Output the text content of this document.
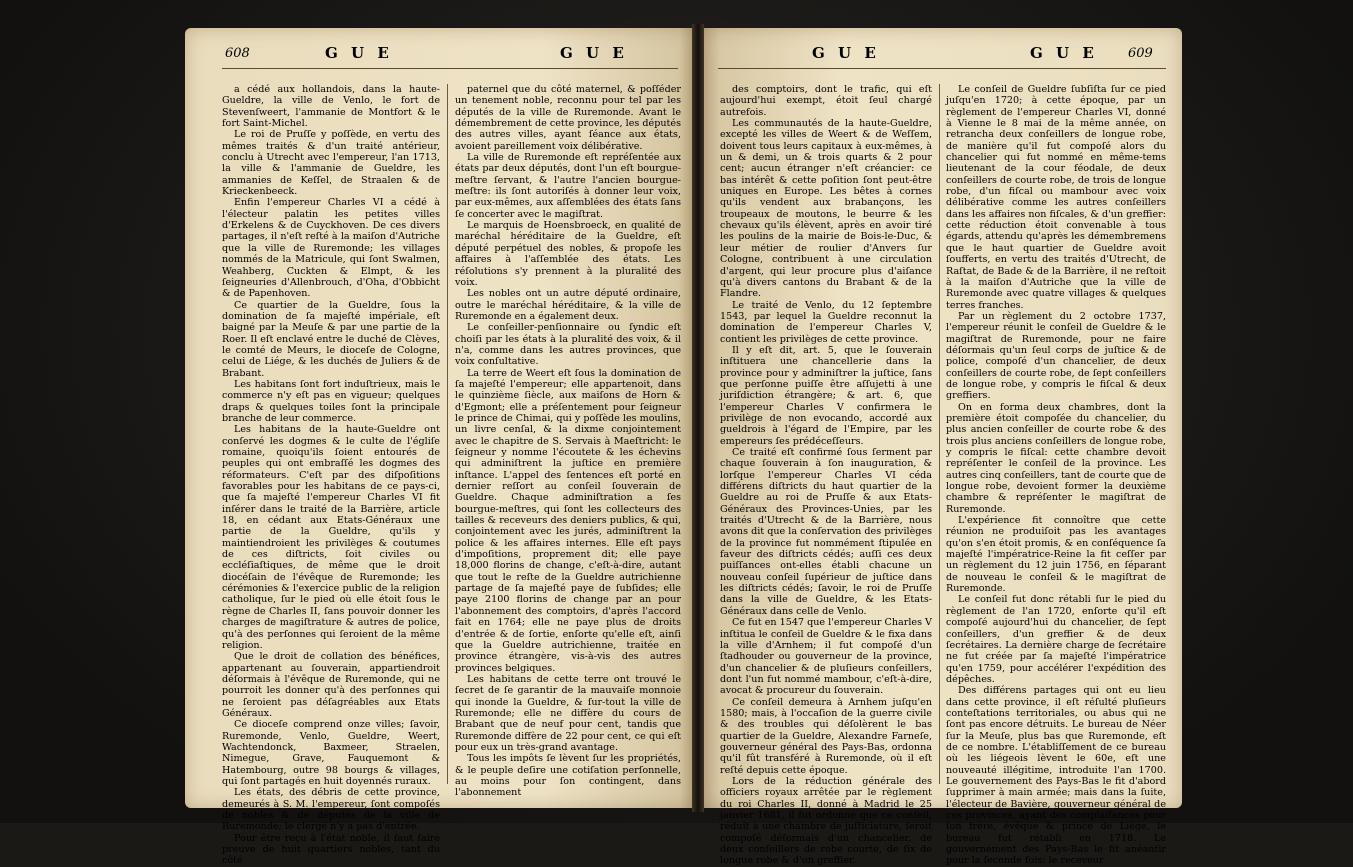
608	G U E	G U E	G U E	G U E 609

a cédé aux hollandois, dans la haute-Gueldre, la ville de Venlo, le fort de Stevenſweert, l'ammanie de Montfort & le fort Saint-Michel.

Le roi de Pruſſe y poſſède, en vertu des mêmes traités & d'un traité antérieur, conclu à Utrecht avec l'empereur, l'an 1713, la ville & l'ammanie de Gueldre, les ammanies de Keſſel, de Straalen & de Krieckenbeeck.

Enfin l'empereur Charles VI a cédé à l'électeur palatin les petites villes d'Erkelens & de Cuyckhoven. De ces divers partages, il n'eſt reſté à la maiſon d'Autriche que la ville de Ruremonde; les villages nommés de la Matricule, qui ſont Swalmen, Weahberg, Cuckten & Elmpt, & les ſeigneuries d'Allenbrouch, d'Oha, d'Obbicht & de Papenhoven.

Ce quartier de la Gueldre, ſous la domination de ſa majeſté impériale, eſt baigné par la Meuſe & par une partie de la Roer. Il eſt enclavé entre le duché de Clèves, le comté de Meurs, le dioceſe de Cologne, celui de Liége, & les duchés de Juliers & de Brabant.

Les habitans ſont fort induſtrieux, mais le commerce n'y eſt pas en vigueur; quelques draps & quelques toiles ſont la principale branche de leur commerce.

Les habitans de la haute-Gueldre ont conſervé les dogmes & le culte de l'égliſe romaine, quoiqu'ils ſoient entourés de peuples qui ont embraſſé les dogmes des réformateurs. C'eſt par des diſpoſitions favorables pour les habitans de ce pays-ci, que ſa majeſté l'empereur Charles VI fit inſérer dans le traité de la Barrière, article 18, en cédant aux Etats-Généraux une partie de la Gueldre, qu'ils y maintiendroient les privilèges & coutumes de ces diſtricts, ſoit civiles ou eccléſiaſtiques, de même que le droit diocéſain de l'évêque de Ruremonde; les cérémonies & l'exercice public de la religion catholique, ſur le pied où elle étoit ſous le règne de Charles II, ſans pouvoir donner les charges de magiſtrature & autres de police, qu'à des perſonnes qui ſeroient de la même religion.

Que le droit de collation des bénéfices, appartenant au ſouverain, appartiendroit déſormais à l'évêque de Ruremonde, qui ne pourroit les donner qu'à des perſonnes qui ne ſeroient pas déſagréables aux Etats Généraux.

Ce dioceſe comprend onze villes; ſavoir, Ruremonde, Venlo, Gueldre, Weert, Wachtendonck, Baxmeer, Straelen, Nimegue, Grave, Fauquemont & Hatembourg, outre 98 bourgs & villages, qui ſont partagés en huit doyennés ruraux.

Les états, des débris de cette province, demeurés à S. M. l'empereur, ſont compoſés de nobles & de députés de la ville de Ruremonde; le clergé n'y a pas d'entrée.

Pour être reçu à l'état noble, il faut faire preuve de huit quartiers nobles, tant du côté

paternel que du côté maternel, & poſſéder un tenement noble, reconnu pour tel par les députés de la ville de Ruremonde. Avant le démembrement de cette province, les députés des autres villes, ayant ſéance aux états, avoient pareillement voix délibérative.

La ville de Ruremonde eſt repréſentée aux états par deux députés, dont l'un eſt bourgue-meſtre ſervant, & l'autre l'ancien bourgue-meſtre: ils ſont autoriſés à donner leur voix, par eux-mêmes, aux aſſemblées des états ſans ſe concerter avec le magiſtrat.

Le marquis de Hoensbroeck, en qualité de maréchal héréditaire de la Gueldre, eſt député perpétuel des nobles, & propoſe les affaires à l'aſſemblée des états. Les réſolutions s'y prennent à la pluralité des voix.

Les nobles ont un autre député ordinaire, outre le maréchal héréditaire, & la ville de Ruremonde en a également deux.

Le conſeiller-penſionnaire ou ſyndic eſt choiſi par les états à la pluralité des voix, & il n'a, comme dans les autres provinces, que voix conſultative.

La terre de Weert eſt ſous la domination de ſa majeſté l'empereur; elle appartenoit, dans le quinzième ſiècle, aux maiſons de Horn & d'Egmont; elle a préſentement pour ſeigneur le prince de Chimai, qui y poſſède les moulins, un livre cenſal, & la dixme conjointement avec le chapitre de S. Servais à Maeſtricht: le ſeigneur y nomme l'écoutete & les échevins qui adminiſtrent la juſtice en première inſtance. L'appel des ſentences eſt porté en dernier reſſort au conſeil ſouverain de Gueldre. Chaque adminiſtration a ſes bourgue-meſtres, qui ſont les collecteurs des tailles & receveurs des deniers publics, & qui, conjointement avec les jurés, adminiſtrent la police & les affaires internes. Elle eſt pays d'impoſitions, proprement dit; elle paye 18,000 florins de change, c'eſt-à-dire, autant que tout le reſte de la Gueldre autrichienne partage de ſa majeſté paye de ſubſides; elle paye 2100 florins de change par an pour l'abonnement des comptoirs, d'après l'accord fait en 1764; elle ne paye plus de droits d'entrée & de ſortie, enſorte qu'elle eſt, ainſi que la Gueldre autrichienne, traitée en province étrangère, vis-à-vis des autres provinces belgiques.

Les habitans de cette terre ont trouvé le ſecret de ſe garantir de la mauvaiſe monnoie qui inonde la Gueldre, & ſur-tout la ville de Ruremonde; elle ne diffère du cours de Brabant que de neuf pour cent, tandis que Ruremonde diffère de 22 pour cent, ce qui eſt pour eux un très-grand avantage.

Tous les impôts ſe lèvent ſur les propriétés, & le peuple deſire une cotiſation perſonnelle, au moins pour ſon contingent, dans l'abonnement

des comptoirs, dont le trafic, qui eſt aujourd'hui exempt, étoit ſeul chargé autrefois.

Les communautés de la haute-Gueldre, excepté les villes de Weert & de Weſſem, doivent tous leurs capitaux à eux-mêmes, à un & demi, un & trois quarts & 2 pour cent; aucun étranger n'eſt créancier: ce bas intérêt & cette poſition ſont peut-être uniques en Europe. Les bêtes à cornes qu'ils vendent aux brabançons, les troupeaux de moutons, le beurre & les chevaux qu'ils élèvent, après en avoir tiré les poulins de la mairie de Bois-le-Duc, & leur métier de roulier d'Anvers ſur Cologne, contribuent à une circulation d'argent, qui leur procure plus d'aiſance qu'à divers cantons du Brabant & de la Flandre.

Le traité de Venlo, du 12 ſeptembre 1543, par lequel la Gueldre reconnut la domination de l'empereur Charles V, contient les privilèges de cette province.

Il y eſt dit, art. 5, que le ſouverain inſtituera une chancellerie dans la province pour y adminiſtrer la juſtice, ſans que perſonne puiſſe être aſſujetti à une juriſdiction étrangère; & art. 6, que l'empereur Charles V confirmera le privilège de non evocando, accordé aux gueldrois à l'égard de l'Empire, par les empereurs ſes prédéceſſeurs.

Ce traité eſt confirmé ſous ſerment par chaque ſouverain à ſon inauguration, & lorſque l'empereur Charles VI céda différens diſtricts du haut quartier de la Gueldre au roi de Pruſſe & aux Etats-Généraux des Provinces-Unies, par les traités d'Utrecht & de la Barrière, nous avons dit que la conſervation des privilèges de la province fut nommément ſtipulée en faveur des diſtricts cédés; auſſi ces deux puiſſances ont-elles établi chacune un nouveau conſeil ſupérieur de juſtice dans les diſtricts cédés; ſavoir, le roi de Pruſſe dans la ville de Gueldre, & les Etats-Généraux dans celle de Venlo.

Ce fut en 1547 que l'empereur Charles V inſtitua le conſeil de Gueldre & le fixa dans la ville d'Arnhem; il fut compoſé d'un ſtadhouder ou gouverneur de la province, d'un chancelier & de pluſieurs conſeillers, dont l'un fut nommé mambour, c'eſt-à-dire, avocat & procureur du ſouverain.

Ce conſeil demeura à Arnhem juſqu'en 1580; mais, à l'occaſion de la guerre civile & des troubles qui déſolèrent le bas quartier de la Gueldre, Alexandre Farneſe, gouverneur général des Pays-Bas, ordonna qu'il fût transféré à Ruremonde, où il eſt reſté depuis cette époque.

Lors de la réduction générale des officiers royaux arrêtée par le règlement du roi Charles II, donné à Madrid le 25 janvier 1681, il fut ordonné que ce conſeil, réduit à une chambre de juſticiature, ſeroit compoſé déſormais d'un chancelier, de deux conſeillers de robe courte, de ſix de longue robe & d'un greffier.

Le conſeil de Gueldre ſubſiſta ſur ce pied juſqu'en 1720; à cette époque, par un règlement de l'empereur Charles VI, donné à Vienne le 8 mai de la même année, on retrancha deux conſeillers de longue robe, de manière qu'il fut compoſé alors du chancelier qui fut nommé en même-tems lieutenant de la cour féodale, de deux conſeillers de courte robe, de trois de longue robe, d'un fiſcal ou mambour avec voix délibérative comme les autres conſeillers dans les affaires non fiſcales, & d'un greffier: cette réduction étoit convenable à tous égards, attendu qu'après les démembremens que le haut quartier de Gueldre avoit ſoufferts, en vertu des traités d'Utrecht, de Raſtat, de Bade & de la Barrière, il ne reſtoit à la maiſon d'Autriche que la ville de Ruremonde avec quatre villages & quelques terres franches.

Par un règlement du 2 octobre 1737, l'empereur réunit le conſeil de Gueldre & le magiſtrat de Ruremonde, pour ne faire déſormais qu'un ſeul corps de juſtice & de police, compoſé d'un chancelier, de deux conſeillers de courte robe, de ſept conſeillers de longue robe, y compris le fiſcal & deux greffiers.

On en forma deux chambres, dont la première étoit compoſée du chancelier, du plus ancien conſeiller de courte robe & des trois plus anciens conſeillers de longue robe, y compris le fiſcal: cette chambre devoit repréſenter le conſeil de la province. Les autres cinq conſeillers, tant de courte que de longue robe, devoient former la deuxième chambre & repréſenter le magiſtrat de Ruremonde.

L'expérience fit connoître que cette réunion ne produiſoit pas les avantages qu'on s'en étoit promis, & en conſéquence ſa majeſté l'impératrice-Reine la fit ceſſer par un règlement du 12 juin 1756, en ſéparant de nouveau le conſeil & le magiſtrat de Ruremonde.

Le conſeil fut donc rétabli ſur le pied du règlement de l'an 1720, enſorte qu'il eſt compoſé aujourd'hui du chancelier, de ſept conſeillers, d'un greffier & de deux ſecrétaires. La dernière charge de ſecrétaire ne fut créée par ſa majeſté l'impératrice qu'en 1759, pour accélérer l'expédition des dépêches.

Des différens partages qui ont eu lieu dans cette province, il eſt réſulté pluſieurs conteſtations territoriales, ou abus qui ne ſont pas encore détruits. Le bureau de Néer ſur la Meuſe, plus bas que Ruremonde, eſt de ce nombre. L'établiſſement de ce bureau où les liégeois lèvent le 60e, eſt une nouveauté illégitime, introduite l'an 1700. Le gouvernement des Pays-Bas le fit d'abord ſupprimer à main armée; mais dans la ſuite, l'électeur de Bavière, gouverneur général de ces provinces, ayant des complaiſances pour ſon frère, évêque & prince de Liége, le bureau fut rétabli en 1718. Le gouvernement des Pays-Bas le fit anéantir pour la ſeconde fois: le receveur
